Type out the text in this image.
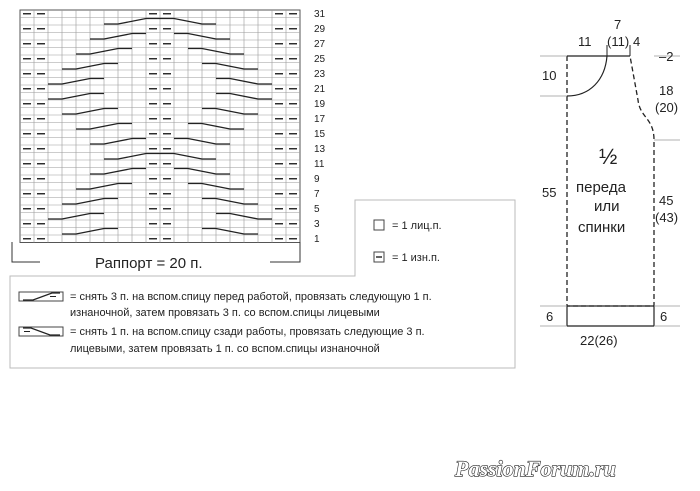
31
29
27
25
23
21
19
17
15
13
11
9
7
5
3
1
Раппорт = 20 п.
= 1 лиц.п.
= 1 изн.п.
= снять 3 п. на вспом.спицу перед работой, провязать следующую 1 п.
изнаночной, затем провязать 3 п. со вспом.спицы лицевыми
= снять 1 п. на вспом.спицу сзади работы, провязать следующие 3 п.
лицевыми, затем провязать 1 п. со вспом.спицы изнаночной
7
(11) 4
11
10
–2
18
(20)
½
переда
или
спинки
55
45
(43)
6	6
22(26)
PassionForum.ru
